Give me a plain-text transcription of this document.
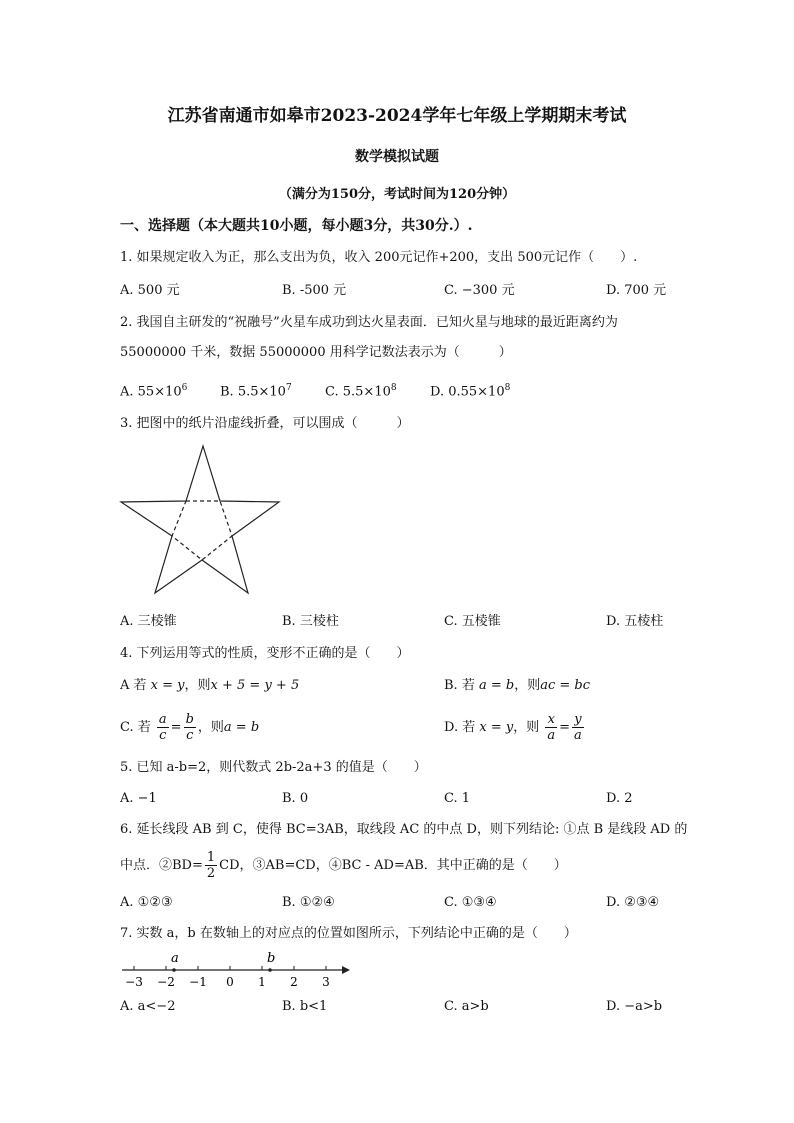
江苏省南通市如皋市2023-2024学年七年级上学期期末考试
数学模拟试题
（满分为150分，考试时间为120分钟）
一、选择题（本大题共10小题，每小题3分，共30分.）.
1. 如果规定收入为正，那么支出为负，收入 200元记作+200，支出 500元记作（　　）.
A. 500 元	B. -500 元	C. −300 元	D. 700 元
2. 我国自主研发的“祝融号”火星车成功到达火星表面．已知火星与地球的最近距离约为
55000000 千米，数据 55000000 用科学记数法表示为（　　　）
A. $55\times 10^6$	B. $5.5\times 10^7$	C. $5.5\times 10^8$	D. $0.55\times 10^8$
3. 把图中的纸片沿虚线折叠，可以围成（　　　）
A. 三棱锥	B. 三棱柱	C. 五棱锥	D. 五棱柱
4. 下列运用等式的性质，变形不正确的是（　　）
A 若 x = y，则x + 5 = y + 5	B. 若 a = b，则ac = bc
C. 若 $\frac{a}{c} = \frac{b}{c}$ ，则a = b	D. 若 x = y，则 $\frac{x}{a} = \frac{y}{a}$
5. 已知 a-b=2，则代数式 2b-2a+3 的值是（　　）
A. −1	B. 0	C. 1	D. 2
6. 延长线段 AB 到 C，使得 BC=3AB，取线段 AC 的中点 D，则下列结论: ①点 B 是线段 AD 的
中点．②BD= $\frac{1}{2}$ CD，③AB=CD，④BC - AD=AB．其中正确的是（　　）
A. ①②③	B. ①②④	C. ①③④	D. ②③④
7. 实数 a，b 在数轴上的对应点的位置如图所示，下列结论中正确的是（　　）
−3 −2 −1 0 1 2 3
a	b
A. a<−2	B. b<1	C. a>b	D. −a>b
